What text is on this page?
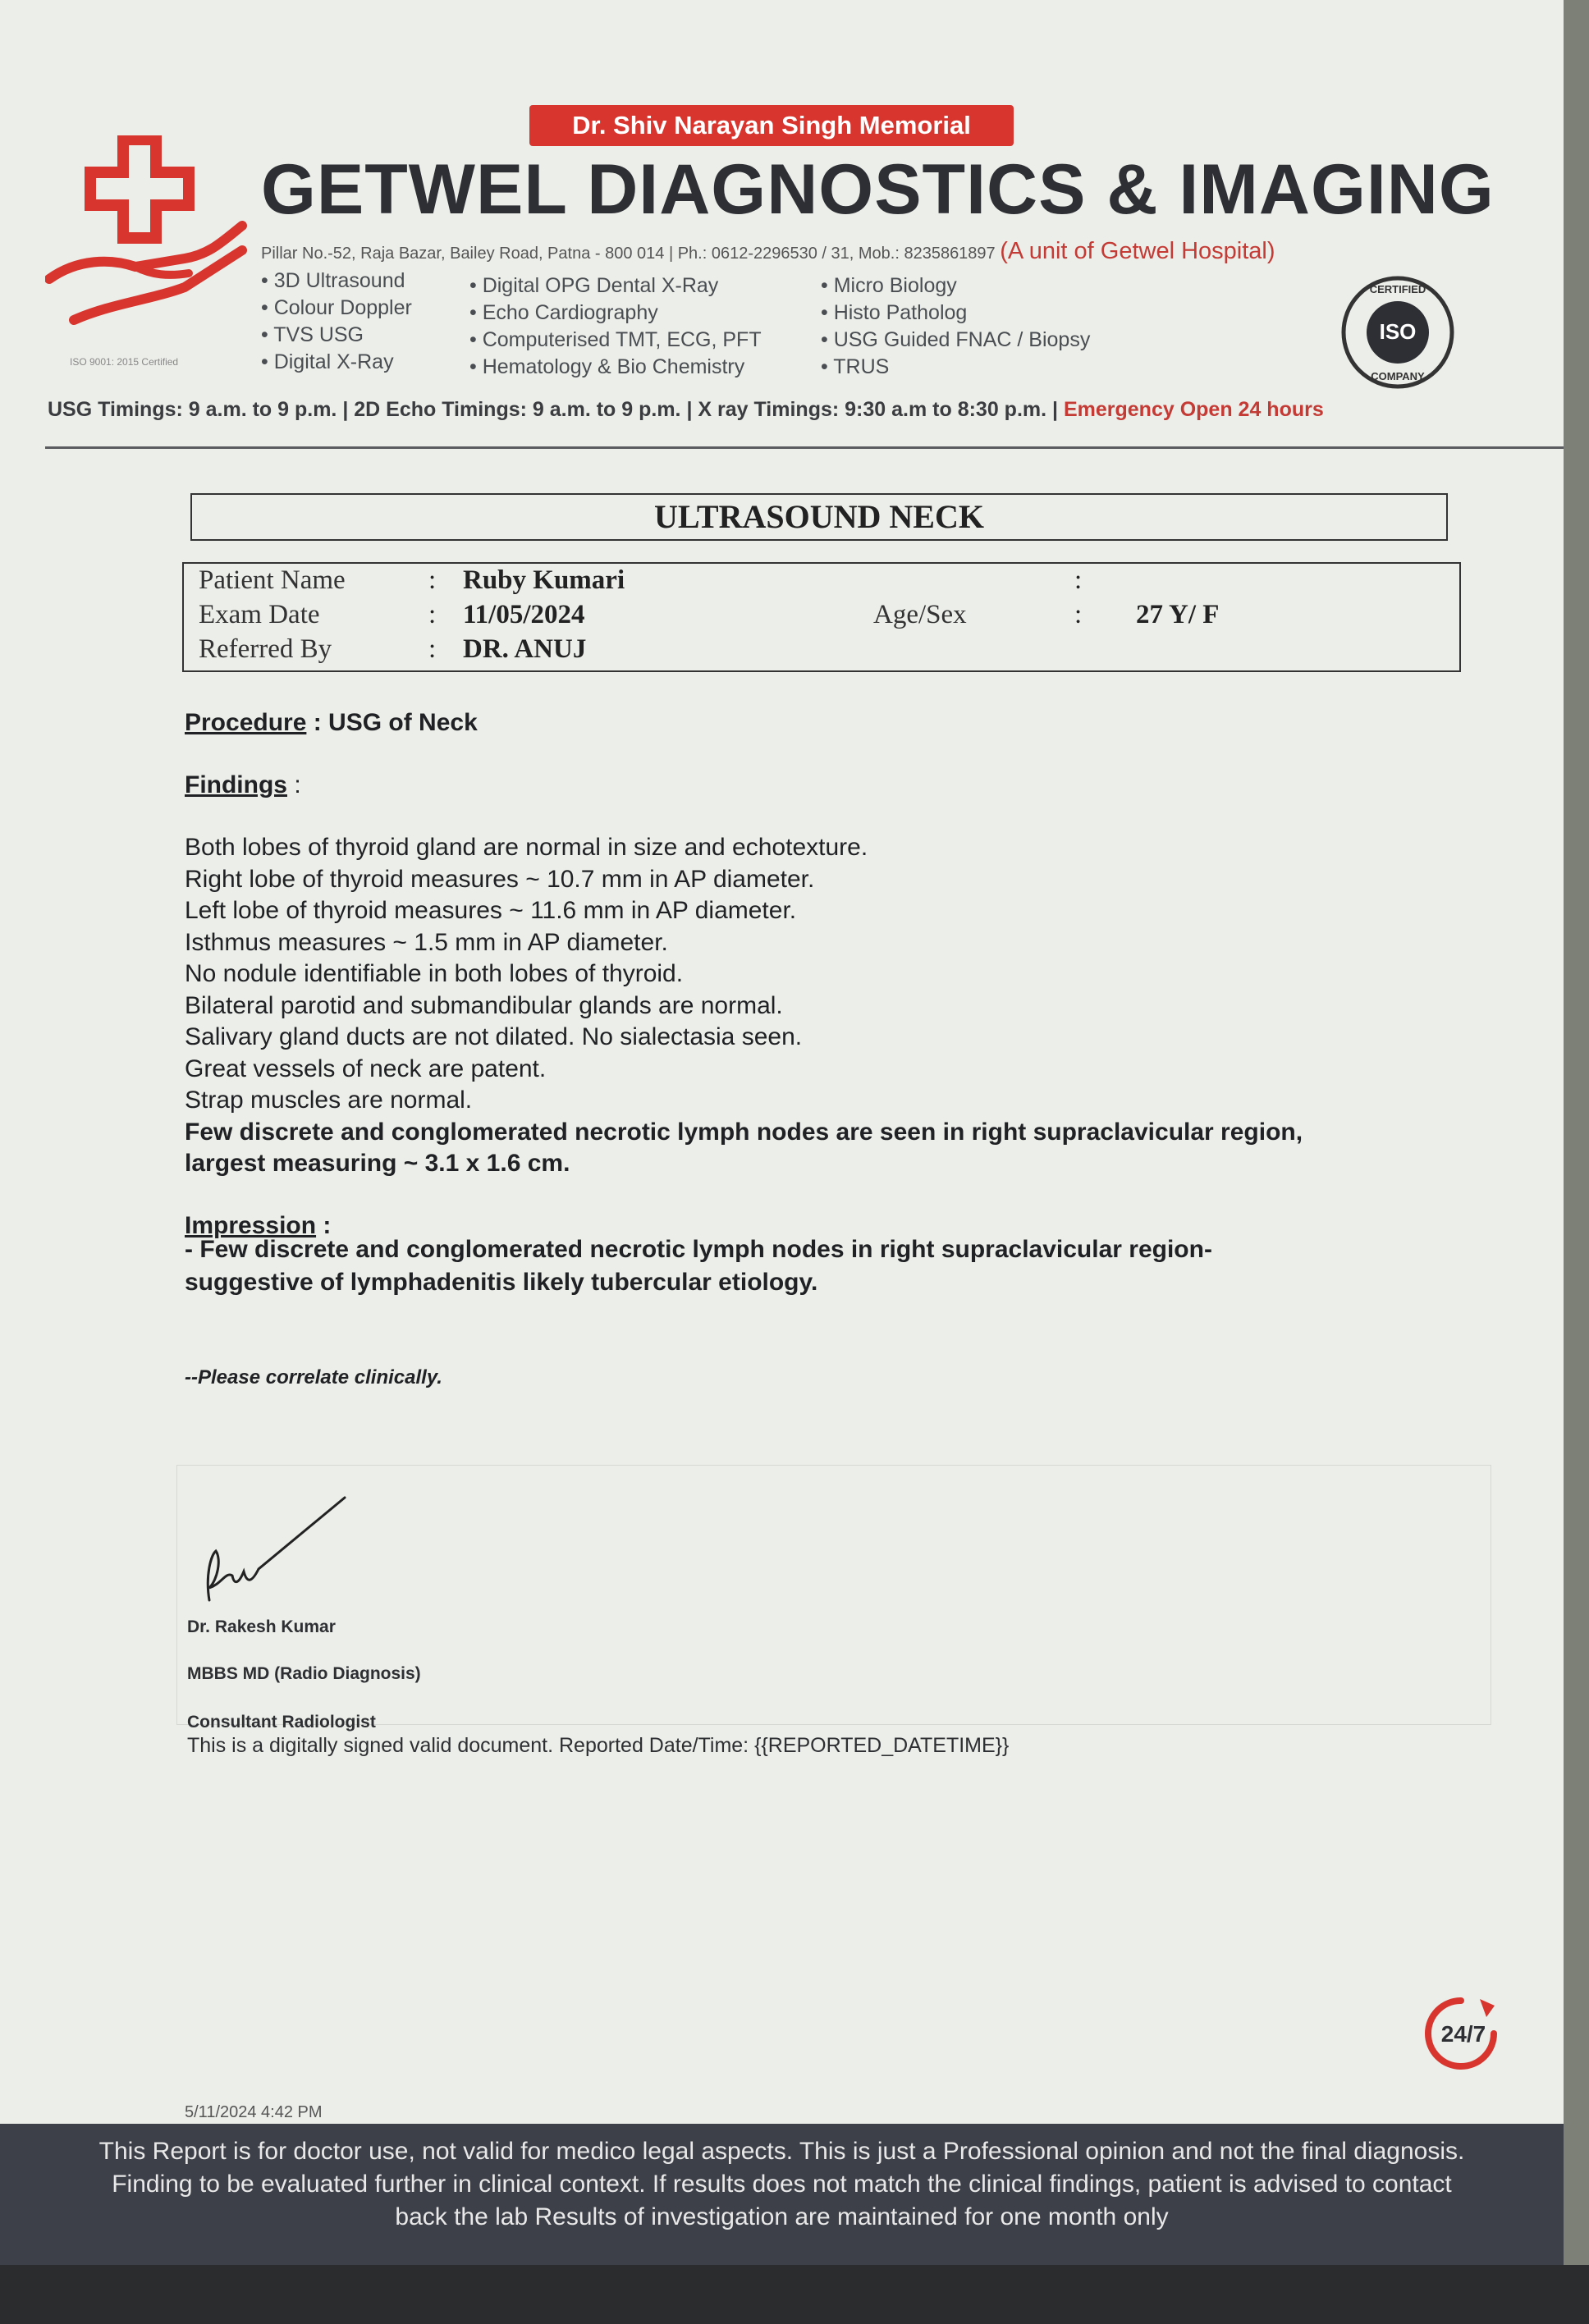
Dr. Shiv Narayan Singh Memorial
GETWEL DIAGNOSTICS & IMAGING
Pillar No.-52, Raja Bazar, Bailey Road, Patna - 800 014 | Ph.: 0612-2296530 / 31, Mob.: 8235861897 (A unit of Getwel Hospital)
• 3D Ultrasound
• Colour Doppler
• TVS USG
• Digital X-Ray
• Digital OPG Dental X-Ray
• Echo Cardiography
• Computerised TMT, ECG, PFT
• Hematology & Bio Chemistry
• Micro Biology
• Histo Patholog
• USG Guided FNAC / Biopsy
• TRUS
ISO 9001: 2015 Certified
CERTIFIED
ISO
COMPANY
USG Timings: 9 a.m. to 9 p.m. | 2D Echo Timings: 9 a.m. to 9 p.m. | X ray Timings: 9:30 a.m to 8:30 p.m. | Emergency Open 24 hours
ULTRASOUND NECK
Patient Name	: Ruby Kumari	:
Exam Date	: 11/05/2024	Age/Sex	: 27 Y/ F
Referred By	: DR. ANUJ
Procedure : USG of Neck
Findings :
Both lobes of thyroid gland are normal in size and echotexture.
Right lobe of thyroid measures ~ 10.7 mm in AP diameter.
Left lobe of thyroid measures ~ 11.6 mm in AP diameter.
Isthmus measures ~ 1.5 mm in AP diameter.
No nodule identifiable in both lobes of thyroid.
Bilateral parotid and submandibular glands are normal.
Salivary gland ducts are not dilated. No sialectasia seen.
Great vessels of neck are patent.
Strap muscles are normal.
Few discrete and conglomerated necrotic lymph nodes are seen in right supraclavicular region,
largest measuring ~ 3.1 x 1.6 cm.
Impression :
- Few discrete and conglomerated necrotic lymph nodes in right supraclavicular region-
suggestive of lymphadenitis likely tubercular etiology.
--Please correlate clinically.
Dr. Rakesh Kumar
MBBS MD (Radio Diagnosis)
Consultant Radiologist
This is a digitally signed valid document. Reported Date/Time: {{REPORTED_DATETIME}}
24/7
5/11/2024 4:42 PM
This Report is for doctor use, not valid for medico legal aspects. This is just a Professional opinion and not the final diagnosis.
Finding to be evaluated further in clinical context. If results does not match the clinical findings, patient is advised to contact
back the lab Results of investigation are maintained for one month only
